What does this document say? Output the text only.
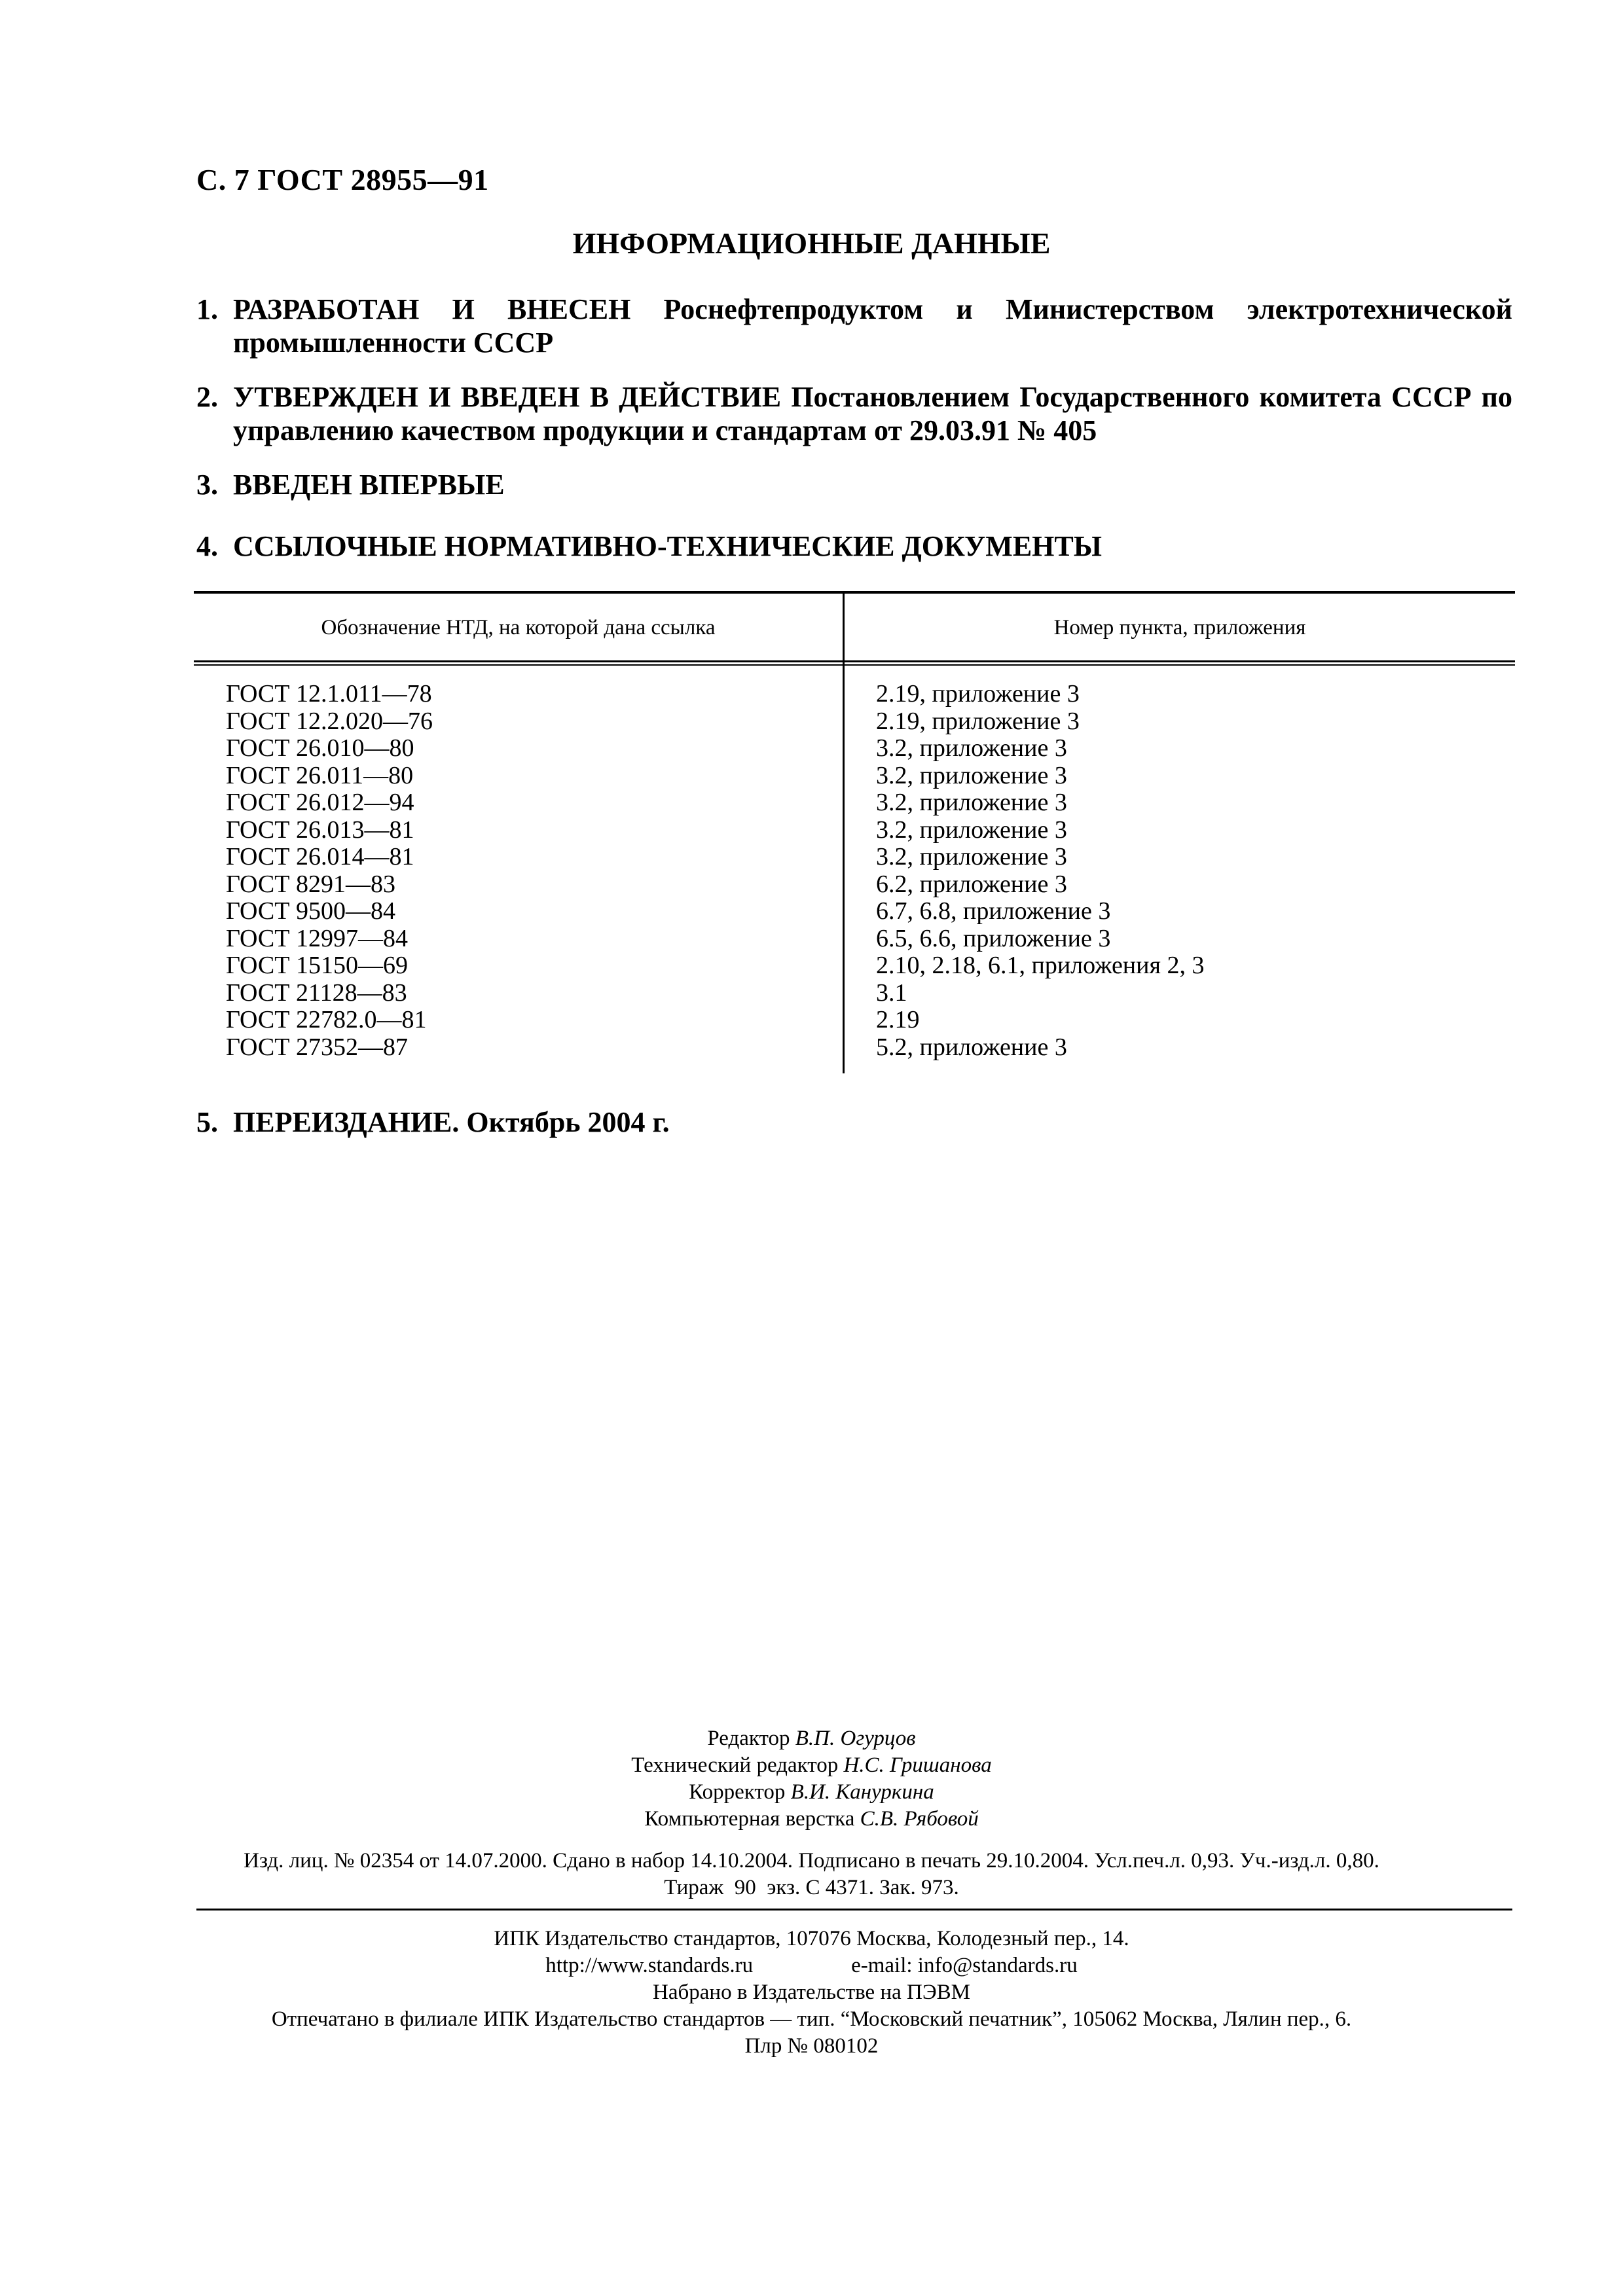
С. 7 ГОСТ 28955—91
ИНФОРМАЦИОННЫЕ ДАННЫЕ
1. РАЗРАБОТАН И ВНЕСЕН Роснефтепродуктом и Министерством электротехнической промышленности СССР
2. УТВЕРЖДЕН И ВВЕДЕН В ДЕЙСТВИЕ Постановлением Государственного комитета СССР по управлению качеством продукции и стандартам от 29.03.91 № 405
3. ВВЕДЕН ВПЕРВЫЕ
4. ССЫЛОЧНЫЕ НОРМАТИВНО-ТЕХНИЧЕСКИЕ ДОКУМЕНТЫ
Обозначение НТД, на которой дана ссылка	Номер пункта, приложения
ГОСТ 12.1.011—78
ГОСТ 12.2.020—76
ГОСТ 26.010—80
ГОСТ 26.011—80
ГОСТ 26.012—94
ГОСТ 26.013—81
ГОСТ 26.014—81
ГОСТ 8291—83
ГОСТ 9500—84
ГОСТ 12997—84
ГОСТ 15150—69
ГОСТ 21128—83
ГОСТ 22782.0—81
ГОСТ 27352—87
2.19, приложение 3
2.19, приложение 3
3.2, приложение 3
3.2, приложение 3
3.2, приложение 3
3.2, приложение 3
3.2, приложение 3
6.2, приложение 3
6.7, 6.8, приложение 3
6.5, 6.6, приложение 3
2.10, 2.18, 6.1, приложения 2, 3
3.1
2.19
5.2, приложение 3
5. ПЕРЕИЗДАНИЕ. Октябрь 2004 г.
Редактор В.П. Огурцов
Технический редактор Н.С. Гришанова
Корректор В.И. Кануркина
Компьютерная верстка С.В. Рябовой
Изд. лиц. № 02354 от 14.07.2000. Сдано в набор 14.10.2004. Подписано в печать 29.10.2004. Усл.печ.л. 0,93. Уч.-изд.л. 0,80.
Тираж  90  экз. С 4371. Зак. 973.
ИПК Издательство стандартов, 107076 Москва, Колодезный пер., 14.
http://www.standards.ru	e-mail: info@standards.ru
Набрано в Издательстве на ПЭВМ
Отпечатано в филиале ИПК Издательство стандартов — тип. “Московский печатник”, 105062 Москва, Лялин пер., 6.
Плр № 080102
